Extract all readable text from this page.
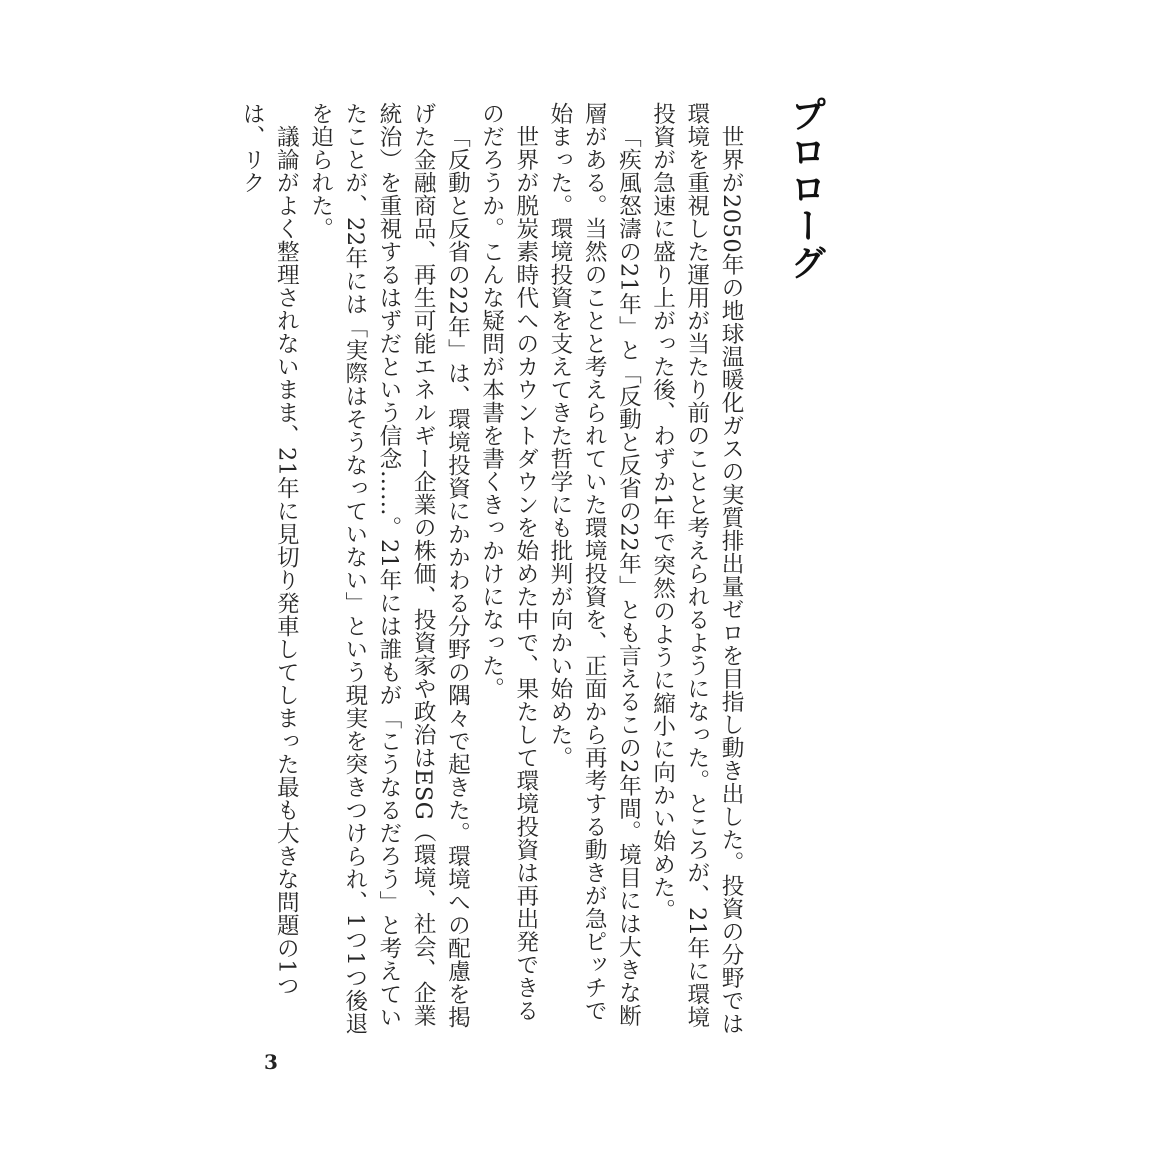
プロローグ

世界が2050年の地球温暖化ガスの実質排出量ゼロを目指し動き出した。投資の分野では環境を重視した運用が当たり前のことと考えられるようになった。ところが、21年に環境投資が急速に盛り上がった後、わずか1年で突然のように縮小に向かい始めた。

「疾風怒濤の21年」と「反動と反省の22年」とも言えるこの2年間。境目には大きな断層がある。当然のことと考えられていた環境投資を、正面から再考する動きが急ピッチで始まった。環境投資を支えてきた哲学にも批判が向かい始めた。

世界が脱炭素時代へのカウントダウンを始めた中で、果たして環境投資は再出発できるのだろうか。こんな疑問が本書を書くきっかけになった。

「反動と反省の22年」は、環境投資にかかわる分野の隅々で起きた。環境への配慮を掲げた金融商品、再生可能エネルギー企業の株価、投資家や政治はESG（環境、社会、企業統治）を重視するはずだという信念……。21年には誰もが「こうなるだろう」と考えていたことが、22年には「実際はそうなっていない」という現実を突きつけられ、1つ1つ後退を迫られた。

議論がよく整理されないまま、21年に見切り発車してしまった最も大きな問題の1つは、リク

3
